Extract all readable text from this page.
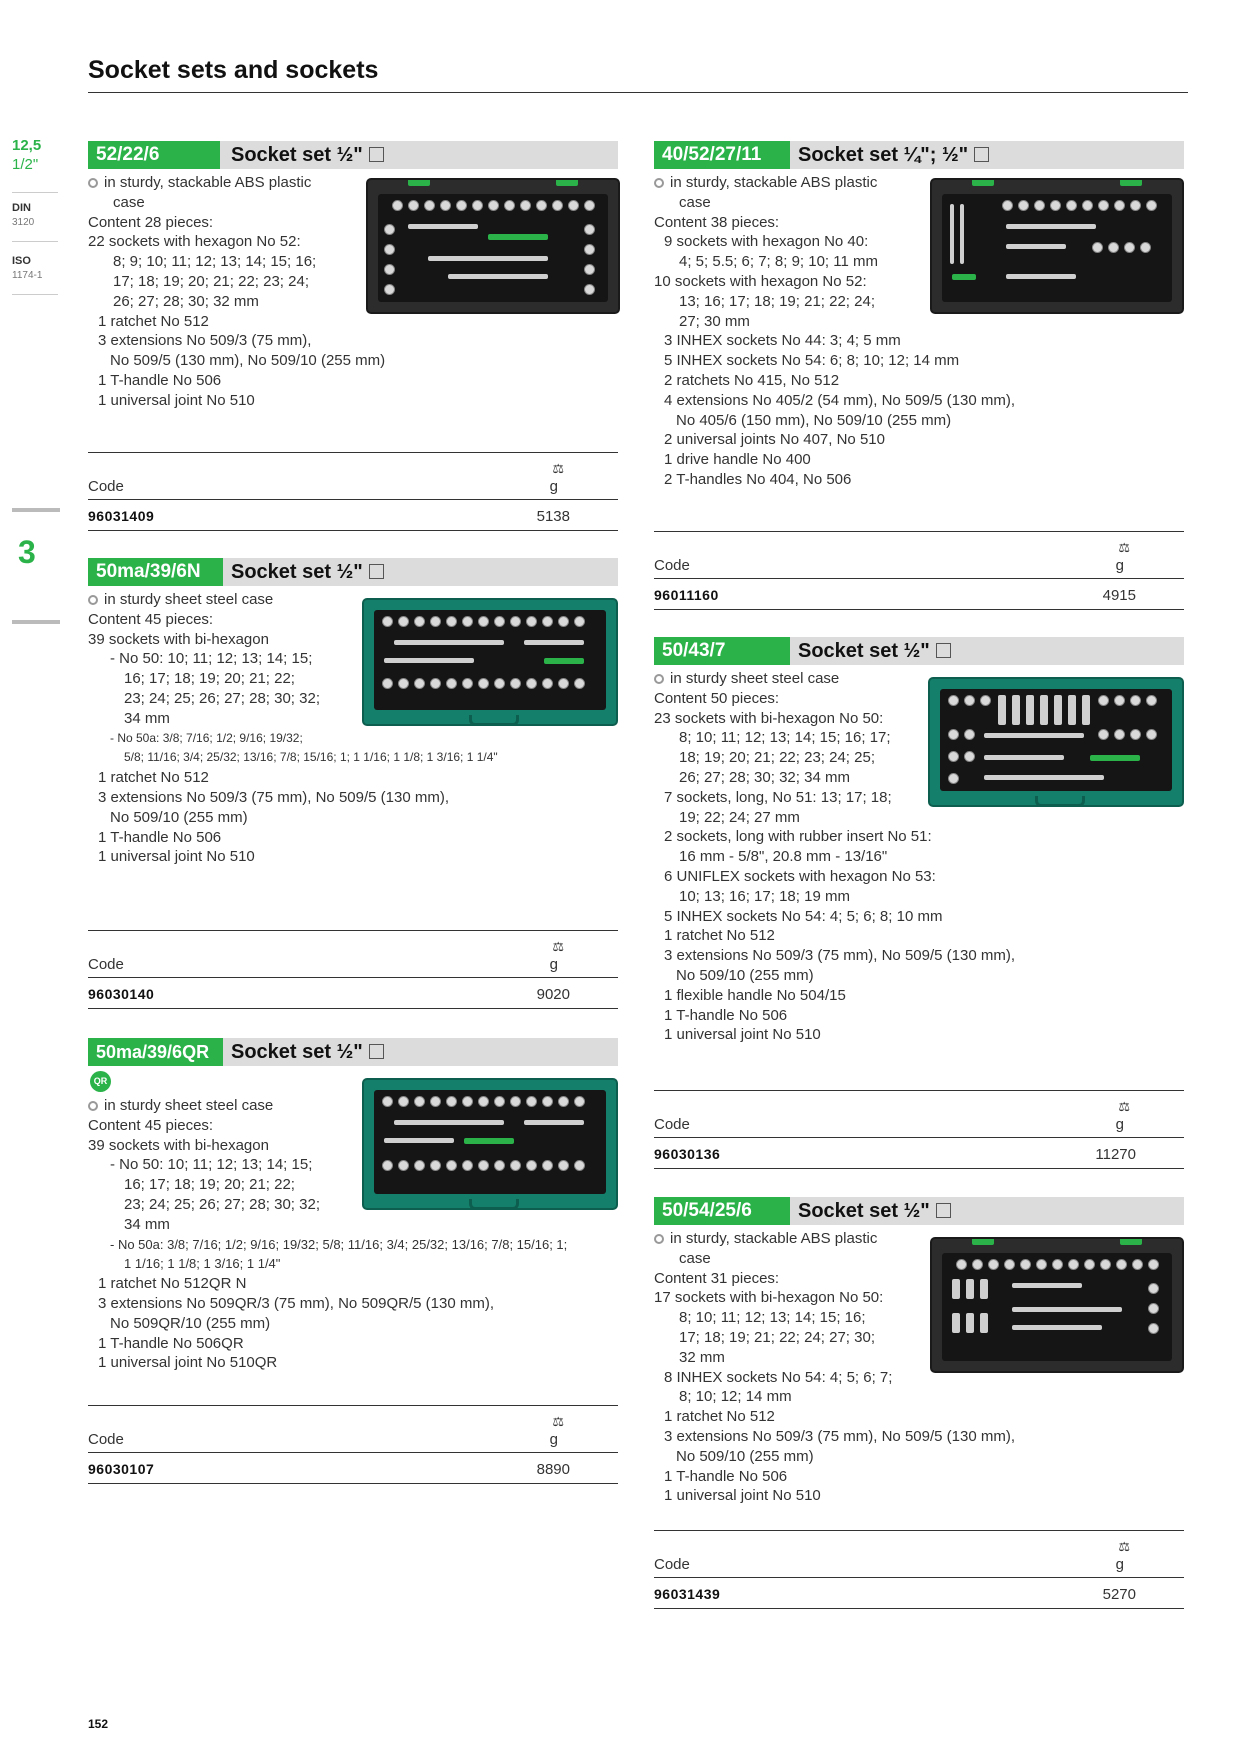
Socket sets and sockets
12,5
1/2"
DIN
3120
ISO
1174-1
3
52/22/6	Socket set ½"
in sturdy, stackable ABS plastic
case
Content 28 pieces:
22 sockets with hexagon No 52:
8; 9; 10; 11; 12; 13; 14; 15; 16;
17; 18; 19; 20; 21; 22; 23; 24;
26; 27; 28; 30; 32 mm
1 ratchet No 512
3 extensions No 509/3 (75 mm),
No 509/5 (130 mm), No 509/10 (255 mm)
1 T-handle No 506
1 universal joint No 510
⚖
Code	g
96031409	5138
50ma/39/6N	Socket set ½"
in sturdy sheet steel case
Content 45 pieces:
39 sockets with bi-hexagon
- No 50: 10; 11; 12; 13; 14; 15;
16; 17; 18; 19; 20; 21; 22;
23; 24; 25; 26; 27; 28; 30; 32;
34 mm
- No 50a: 3/8; 7/16; 1/2; 9/16; 19/32;
5/8; 11/16; 3/4; 25/32; 13/16; 7/8; 15/16; 1; 1 1/16; 1 1/8; 1 3/16; 1 1/4"
1 ratchet No 512
3 extensions No 509/3 (75 mm), No 509/5 (130 mm),
No 509/10 (255 mm)
1 T-handle No 506
1 universal joint No 510
⚖
Code	g
96030140	9020
50ma/39/6QR	Socket set ½"
QR
in sturdy sheet steel case
Content 45 pieces:
39 sockets with bi-hexagon
- No 50: 10; 11; 12; 13; 14; 15;
16; 17; 18; 19; 20; 21; 22;
23; 24; 25; 26; 27; 28; 30; 32;
34 mm
- No 50a: 3/8; 7/16; 1/2; 9/16; 19/32; 5/8; 11/16; 3/4; 25/32; 13/16; 7/8; 15/16; 1;
1 1/16; 1 1/8; 1 3/16; 1 1/4"
1 ratchet No 512QR N
3 extensions No 509QR/3 (75 mm), No 509QR/5 (130 mm),
No 509QR/10 (255 mm)
1 T-handle No 506QR
1 universal joint No 510QR
⚖
Code	g
96030107	8890
40/52/27/11	Socket set ¼"; ½"
in sturdy, stackable ABS plastic
case
Content 38 pieces:
9 sockets with hexagon No 40:
4; 5; 5.5; 6; 7; 8; 9; 10; 11 mm
10 sockets with hexagon No 52:
13; 16; 17; 18; 19; 21; 22; 24;
27; 30 mm
3 INHEX sockets No 44: 3; 4; 5 mm
5 INHEX sockets No 54: 6; 8; 10; 12; 14 mm
2 ratchets No 415, No 512
4 extensions No 405/2 (54 mm), No 509/5 (130 mm),
No 405/6 (150 mm), No 509/10 (255 mm)
2 universal joints No 407, No 510
1 drive handle No 400
2 T-handles No 404, No 506
⚖
Code	g
96011160	4915
50/43/7	Socket set ½"
in sturdy sheet steel case
Content 50 pieces:
23 sockets with bi-hexagon No 50:
8; 10; 11; 12; 13; 14; 15; 16; 17;
18; 19; 20; 21; 22; 23; 24; 25;
26; 27; 28; 30; 32; 34 mm
7 sockets, long, No 51: 13; 17; 18;
19; 22; 24; 27 mm
2 sockets, long with rubber insert No 51:
16 mm - 5/8", 20.8 mm - 13/16"
6 UNIFLEX sockets with hexagon No 53:
10; 13; 16; 17; 18; 19 mm
5 INHEX sockets No 54: 4; 5; 6; 8; 10 mm
1 ratchet No 512
3 extensions No 509/3 (75 mm), No 509/5 (130 mm),
No 509/10 (255 mm)
1 flexible handle No 504/15
1 T-handle No 506
1 universal joint No 510
⚖
Code	g
96030136	11270
50/54/25/6	Socket set ½"
in sturdy, stackable ABS plastic
case
Content 31 pieces:
17 sockets with bi-hexagon No 50:
8; 10; 11; 12; 13; 14; 15; 16;
17; 18; 19; 21; 22; 24; 27; 30;
32 mm
8 INHEX sockets No 54: 4; 5; 6; 7;
8; 10; 12; 14 mm
1 ratchet No 512
3 extensions No 509/3 (75 mm), No 509/5 (130 mm),
No 509/10 (255 mm)
1 T-handle No 506
1 universal joint No 510
⚖
Code	g
96031439	5270
152
